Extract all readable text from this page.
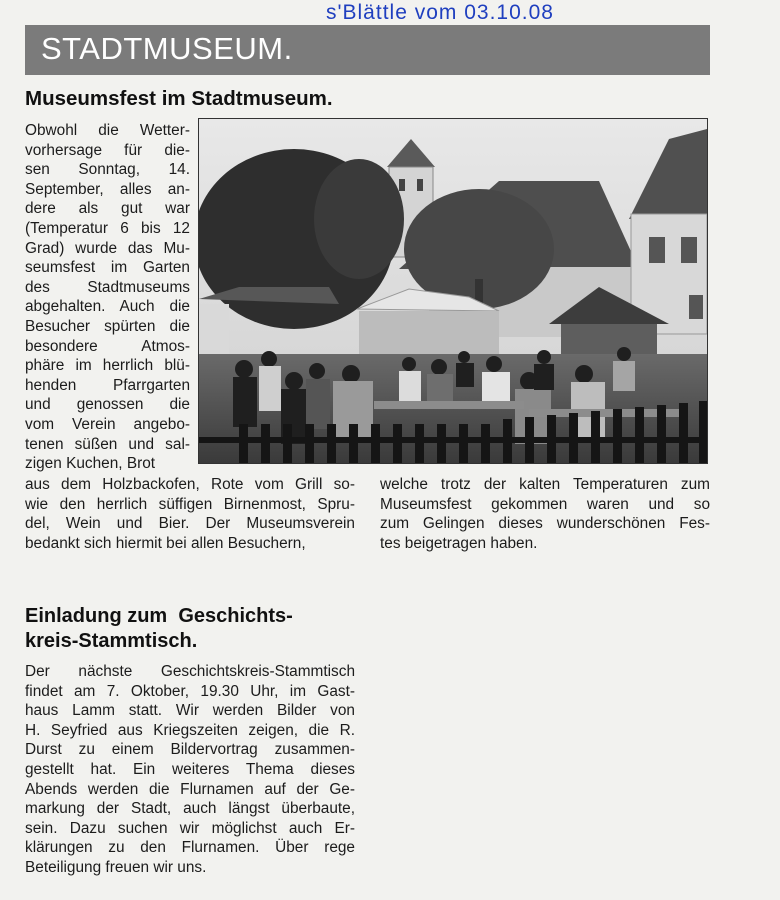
s'Blättle vom 03.10.08
STADTMUSEUM.
Museumsfest im Stadtmuseum.
Obwohl die Wetter-
vorhersage für die-
sen Sonntag, 14.
September, alles an-
dere als gut war
(Temperatur 6 bis 12
Grad) wurde das Mu-
seumsfest im Garten
des Stadtmuseums
abgehalten. Auch die
Besucher spürten die
besondere Atmos-
phäre im herrlich blü-
henden Pfarrgarten
und genossen die
vom Verein angebo-
tenen süßen und sal-
zigen Kuchen, Brot
aus dem Holzbackofen, Rote vom Grill so-
wie den herrlich süffigen Birnenmost, Spru-
del, Wein und Bier. Der Museumsverein
bedankt sich hiermit bei allen Besuchern,
welche trotz der kalten Temperaturen zum
Museumsfest gekommen waren und so
zum Gelingen dieses wunderschönen Fes-
tes beigetragen haben.
Einladung zum  Geschichts-
kreis-Stammtisch.
Der nächste Geschichtskreis-Stammtisch
findet am 7. Oktober, 19.30 Uhr, im Gast-
haus Lamm statt. Wir werden Bilder von
H. Seyfried aus Kriegszeiten zeigen, die R.
Durst zu einem Bildervortrag zusammen-
gestellt hat. Ein weiteres Thema dieses
Abends werden die Flurnamen auf der Ge-
markung der Stadt, auch längst überbaute,
sein. Dazu suchen wir möglichst auch Er-
klärungen zu den Flurnamen. Über rege
Beteiligung freuen wir uns.
